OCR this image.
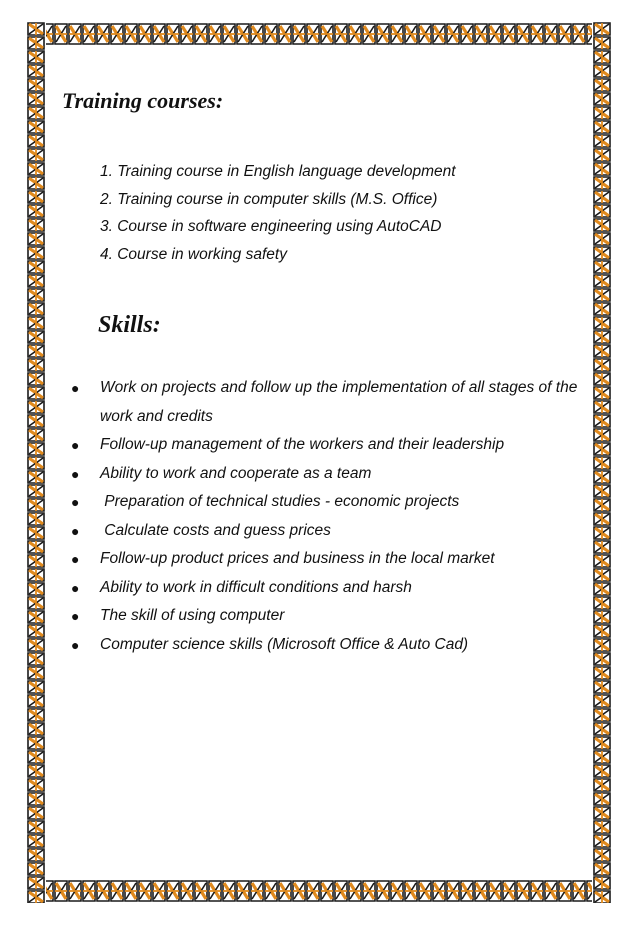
Training courses:
1. Training course in English language development
2. Training course in computer skills (M.S. Office)
3. Course in software engineering using AutoCAD
4. Course in working safety
Skills:
● Work on projects and follow up the implementation of all stages of the work and credits
● Follow-up management of the workers and their leadership
● Ability to work and cooperate as a team
● Preparation of technical studies - economic projects
● Calculate costs and guess prices
● Follow-up product prices and business in the local market
● Ability to work in difficult conditions and harsh
● The skill of using computer
● Computer science skills (Microsoft Office & Auto Cad)
